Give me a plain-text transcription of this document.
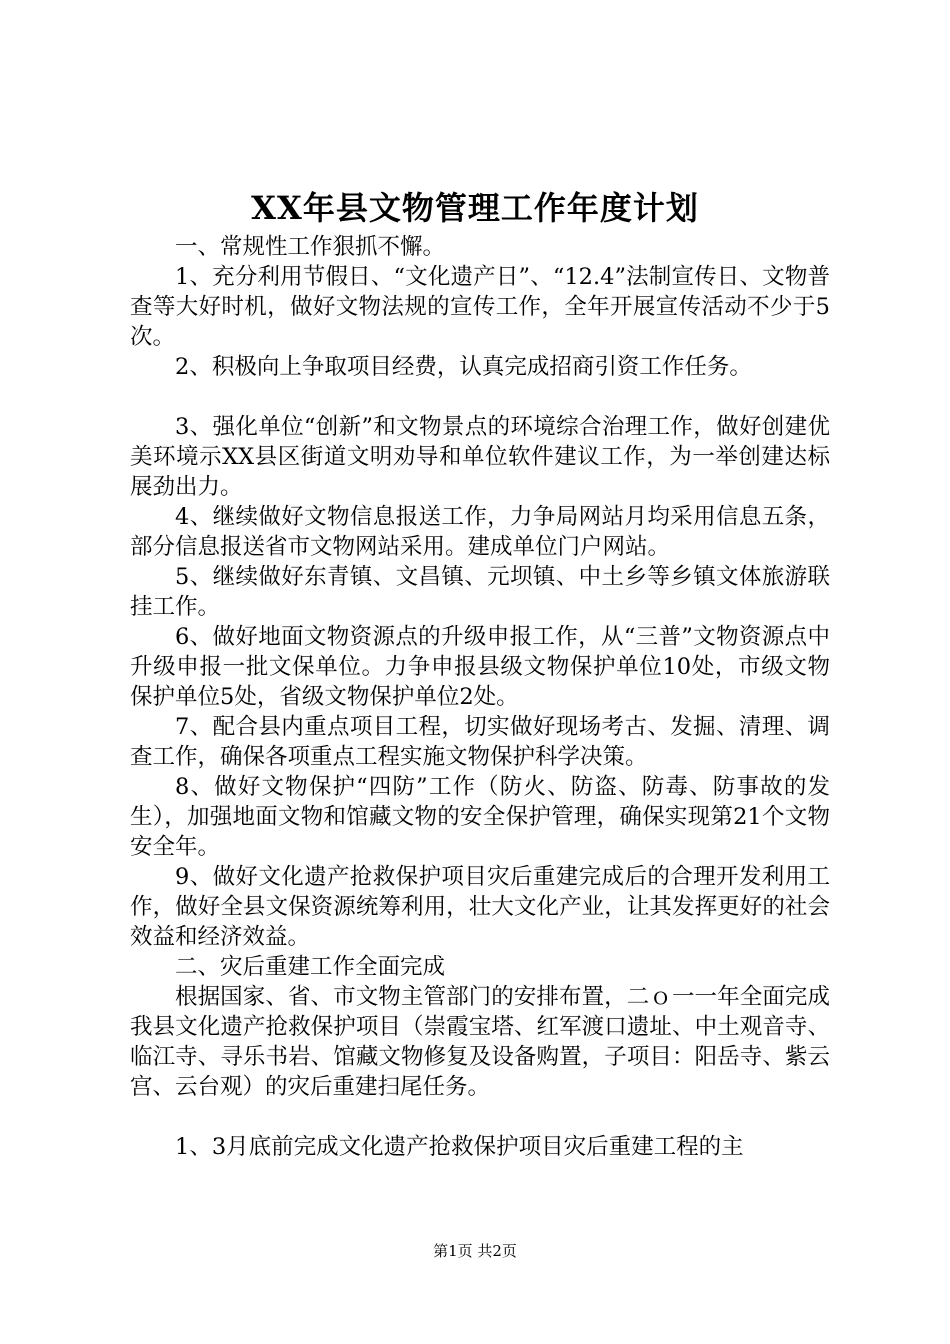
XX年县文物管理工作年度计划

一、常规性工作狠抓不懈。

1、充分利用节假日、“文化遗产日”、“12.4”法制宣传日、文物普查等大好时机，做好文物法规的宣传工作，全年开展宣传活动不少于5次。

2、积极向上争取项目经费，认真完成招商引资工作任务。

3、强化单位“创新”和文物景点的环境综合治理工作，做好创建优美环境示XX县区街道文明劝导和单位软件建议工作，为一举创建达标展劲出力。

4、继续做好文物信息报送工作，力争局网站月均采用信息五条，部分信息报送省市文物网站采用。建成单位门户网站。

5、继续做好东青镇、文昌镇、元坝镇、中土乡等乡镇文体旅游联挂工作。

6、做好地面文物资源点的升级申报工作，从“三普”文物资源点中升级申报一批文保单位。力争申报县级文物保护单位10处，市级文物保护单位5处，省级文物保护单位2处。

7、配合县内重点项目工程，切实做好现场考古、发掘、清理、调查工作，确保各项重点工程实施文物保护科学决策。

8、做好文物保护“四防”工作（防火、防盗、防毒、防事故的发生），加强地面文物和馆藏文物的安全保护管理，确保实现第21个文物安全年。

9、做好文化遗产抢救保护项目灾后重建完成后的合理开发利用工作，做好全县文保资源统筹利用，壮大文化产业，让其发挥更好的社会效益和经济效益。

二、灾后重建工作全面完成

根据国家、省、市文物主管部门的安排布置，二ｏ一一年全面完成我县文化遗产抢救保护项目（崇霞宝塔、红军渡口遗址、中土观音寺、临江寺、寻乐书岩、馆藏文物修复及设备购置，子项目：阳岳寺、紫云宫、云台观）的灾后重建扫尾任务。

1、3月底前完成文化遗产抢救保护项目灾后重建工程的主

第1页 共2页
